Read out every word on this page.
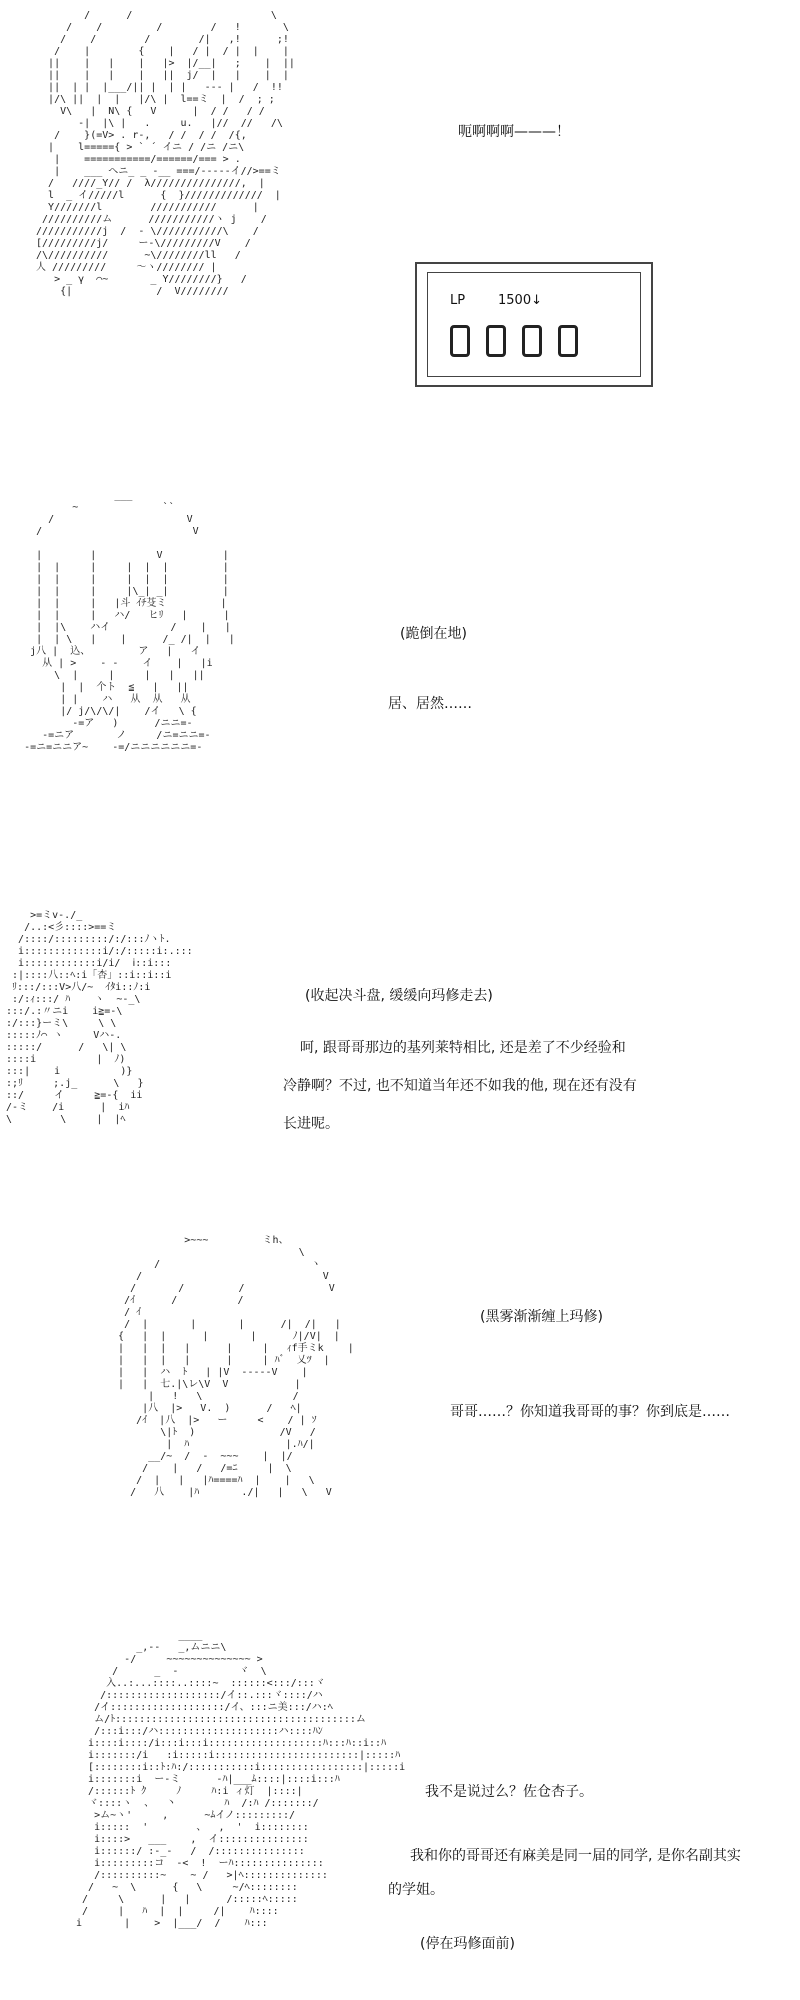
/      /                       \
/    /         /        /   !       \
/    /        /        /|   ,!      ;!
/    |        {    |   / |  / |  |    |
||    |   |    |   |>  |/__|   ;    |  ||
||    |   |    |   ||  j/  |   |    |  |
||  | |  |___/|| |  | |   --- |   /  !!
|/\ ||  |  |   |/\ |  l==ミ  |  /  ; ;
V\   |  N\ {   V      |  / /   / /
-|  |\ |   .     u.   |//  //   /\
/    }(=V> . r-,   / /  / /  /{,
|    l====={ > ` ´ イニ / /ニ /ニ\
|    ===========/======/=== > .
|    ___ へニ_ _ -__ ===/-----イ//>==ミ
/   ////_Y// /  λ///////////////,  |
l  _ イ/////l      {  }/////////////  |
Y///////l        ///////////      |
//////////ム      ///////////ヽ j    /
///////////j  /  - \///////////\    /
[/////////j/     ー-\/////////V    /
/\//////////      ~\////////ll   /
人 /////////     〜ヽ//////// |
> _ γ  ⌒~       _ Y////////}   /
{|              /  V////////
呃啊啊啊———！
LP	1500↓
___
~              ``
/                      V
/                         V

|        |          V          |
|  |     |     |  |  |         |
|  |     |     |  |  |         |
|  |     |     |\_| _|         |
|  |     |   |斗 ｲﾁ芟ミ         |
|  |     |   ハ/   ヒﾘ   |      |
|  |\    ハイ          /    |   |
|  | \   |    |      /_ /|  |   |
j八 |  込、        ア   |   イ
从 | >    - -    イ    |   |i
\  |     |     |   |   ||
|  |  个ト  ≦   |   ||
| |    ハ   从  从   从
|/ j/\/\/|    /イ   \ {
-=ア   )      /ニニ=-
-=ニア       ノ     /ニ=ニニ=-
-=ニ=ニニア~    -=/ニニニニニニ=-
(跪倒在地)
居、居然……
>=ミv-./_
/..:<彡::::>==ミ
/::::/:::::::::/:/:::ﾉヽﾄ.
i:::::::::::::i/:/:::::i:.:::
i::::::::::::i/i/  ⅰ::i:::
:|::::八::ﾍ:i「杏」::i::i::i
ﾘ:::/:::V>八/~  ｲﾀi::ﾉ:i
:/:ｨ:::/ ﾊ    ヽ  ~-_\
:::/.:〃ニi    i≧=-\
:/:::}ーミ\     \ \
:::::ﾉ⌒ ヽ     Vハ-.
:::::/      /   \| \
::::i          |  ﾉ)
:::|    i          )}
:;ﾘ     ;.j_      \   }
::/     イ     ≧=-{  ii
/-ミ    /i      |  iﾊ
\        \     |  |ﾍ
(收起决斗盘, 缓缓向玛修走去)
呵, 跟哥哥那边的基列莱特相比, 还是差了不少经验和
冷静啊？不过, 也不知道当年还不如我的他, 现在还有没有
长进呢。
>~~~         ミh、
\
/                         ヽ
/                              V
/       /         /              V
/ｲ      /          /
/ ｲ
/  |       |       |      /|  /|   |
{   |  |      |       |      ﾉ|/V|  |
|   |  |   |      |     |   ｨf手ミk    |
|   |  |   |      |     | ﾊﾞ  乂ﾂ  |
|   |  ハ  ﾄ   | |V  -----V    |
|   |  七.|\レ\V  V           |
|   !   \               /
|八  |>   V.  )      /   ﾍ|
/ｲ  |八  |>   ー     <    / | ｿ
\|ﾄ  )              /V   /
|  ﾊ                |.ﾊ/|
__/~  /  -  ~~~    |  |/
/    |   /   /=ﾆ     |  \
/  |   |   |ﾊ====ﾊ  |    |   \
/   八    |ﾊ       ./|   |   \   V
(黑雾渐渐缠上玛修)
哥哥……？你知道我哥哥的事？你到底是……
____
_,--   _,ムニニ\
-/     ~~~~~~~~~~~~~~ >
/      _  -          ヾ  \
入..:...::::..::::~  ::::::<:::/:::ヾ
/:::::::::::::::::::/イ::.:::ヾ::::/ハ
/イ:::::::::::::::::::/イ、:::ニ美:::/ハ:ﾍ
ム/ﾄ::::::::::::::::::::::::::::::::::::::::ム
/:::i:::/ハ::::::::::::::::::::ハ::::ﾊﾝ
i::::i::::/i:::i:::i:::::::::::::::::::ﾊ:::ﾊ::i::ﾊ
i:::::::/i   :i:::::i::::::::::::::::::::::::|:::::ﾊ
[::::::::i::ﾄ:ﾊ:/:::::::::::i:::::::::::::::::|:::::i
i:::::::i  ー-ミ      -ﾊ|___ﾑ::::|::::i:::ﾊ
/::::::ﾄ ｸ     ﾉ     ﾊ:i ィ灯  |::::|
ヾ::::ヽ  、  丶        ﾊ  /:ﾊ /:::::::/
>ム~ヽ'     ,      ~ﾑイノ:::::::::/
i:::::  '        、  ,  '  i::::::::
i::::>   ___    ,  イ:::::::::::::::
i::::::/ :-_-   /  /:::::::::::::::
i:::::::::コ  -<  !  ーﾊ:::::::::::::::
/::::::::::~    ~ /   >|ﾍ::::::::::::::
/   ~  \      {   \     ~/ﾍ::::::::
/     \      |   |      /:::::ﾍ:::::
/     |   ﾊ  |  |     /|    ﾊ::::
i       |    >  |___/  /    ﾊ:::
我不是说过么？佐仓杏子。
我和你的哥哥还有麻美是同一届的同学, 是你名副其实
的学姐。
(停在玛修面前)
